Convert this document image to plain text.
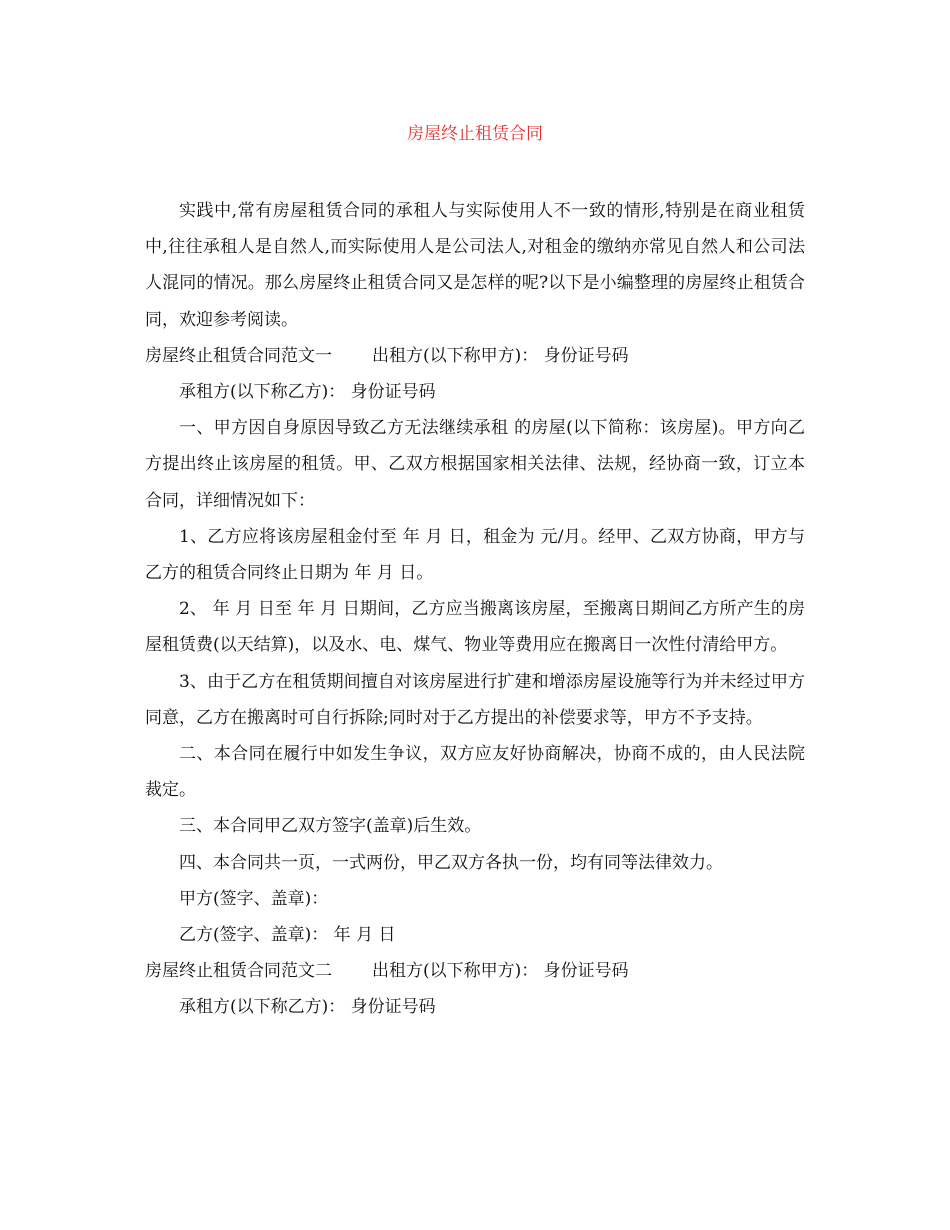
房屋终止租赁合同

实践中,常有房屋租赁合同的承租人与实际使用人不一致的情形,特别是在商业租赁中,往往承租人是自然人,而实际使用人是公司法人,对租金的缴纳亦常见自然人和公司法人混同的情况。那么房屋终止租赁合同又是怎样的呢?以下是小编整理的房屋终止租赁合同，欢迎参考阅读。

房屋终止租赁合同范文一 出租方(以下称甲方)： 身份证号码

承租方(以下称乙方)： 身份证号码

一、甲方因自身原因导致乙方无法继续承租 的房屋(以下简称：该房屋)。甲方向乙方提出终止该房屋的租赁。甲、乙双方根据国家相关法律、法规，经协商一致，订立本合同，详细情况如下：

1、乙方应将该房屋租金付至 年 月 日，租金为 元/月。经甲、乙双方协商，甲方与乙方的租赁合同终止日期为 年 月 日。

2、 年 月 日至 年 月 日期间，乙方应当搬离该房屋，至搬离日期间乙方所产生的房屋租赁费(以天结算)，以及水、电、煤气、物业等费用应在搬离日一次性付清给甲方。

3、由于乙方在租赁期间擅自对该房屋进行扩建和增添房屋设施等行为并未经过甲方同意，乙方在搬离时可自行拆除;同时对于乙方提出的补偿要求等，甲方不予支持。

二、本合同在履行中如发生争议，双方应友好协商解决，协商不成的，由人民法院裁定。

三、本合同甲乙双方签字(盖章)后生效。

四、本合同共一页，一式两份，甲乙双方各执一份，均有同等法律效力。

甲方(签字、盖章)：

乙方(签字、盖章)： 年 月 日

房屋终止租赁合同范文二 出租方(以下称甲方)： 身份证号码

承租方(以下称乙方)： 身份证号码
